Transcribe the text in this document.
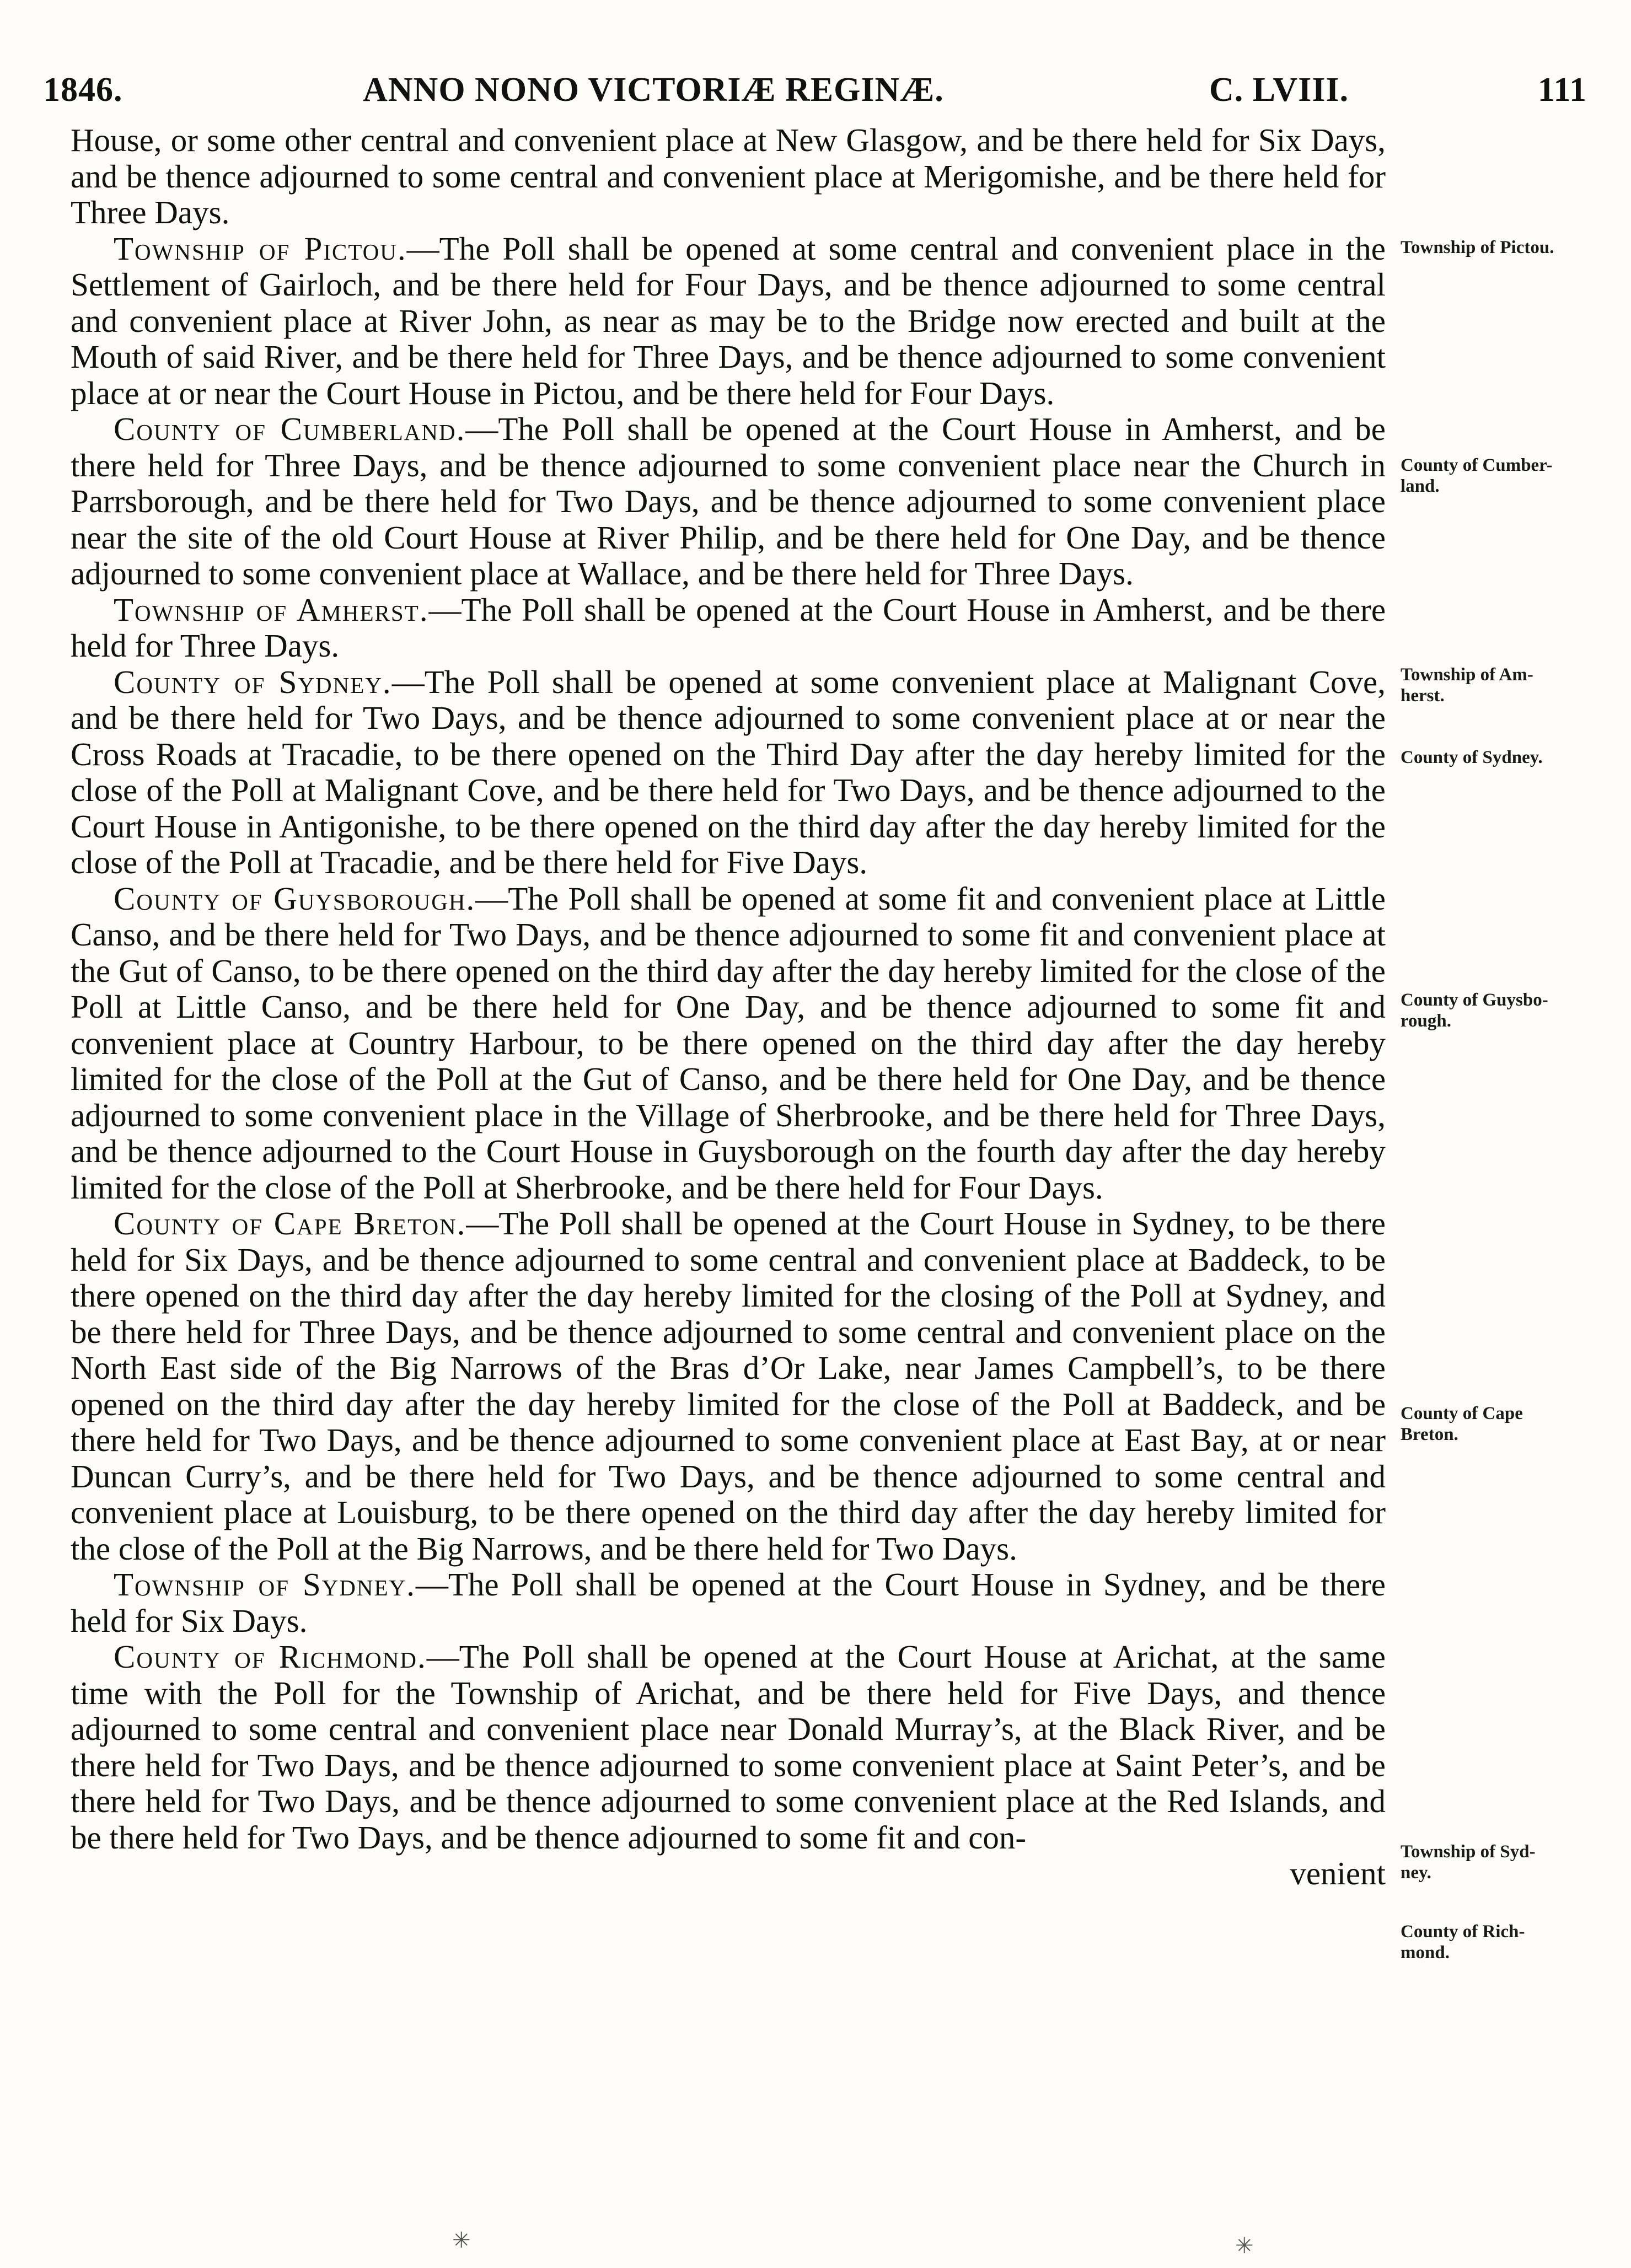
1846.	ANNO NONO VICTORIÆ REGINÆ.	C. LVIII.	111

House, or some other central and convenient place at New Glasgow, and be there held for Six Days, and be thence adjourned to some central and convenient place at Merigomishe, and be there held for Three Days.

Township of Pictou.—The Poll shall be opened at some central and convenient place in the Settlement of Gairloch, and be there held for Four Days, and be thence adjourned to some central and convenient place at River John, as near as may be to the Bridge now erected and built at the Mouth of said River, and be there held for Three Days, and be thence adjourned to some convenient place at or near the Court House in Pictou, and be there held for Four Days.

County of Cumberland.—The Poll shall be opened at the Court House in Amherst, and be there held for Three Days, and be thence adjourned to some convenient place near the Church in Parrsborough, and be there held for Two Days, and be thence adjourned to some convenient place near the site of the old Court House at River Philip, and be there held for One Day, and be thence adjourned to some convenient place at Wallace, and be there held for Three Days.

Township of Amherst.—The Poll shall be opened at the Court House in Amherst, and be there held for Three Days.

County of Sydney.—The Poll shall be opened at some convenient place at Malignant Cove, and be there held for Two Days, and be thence adjourned to some convenient place at or near the Cross Roads at Tracadie, to be there opened on the Third Day after the day hereby limited for the close of the Poll at Malignant Cove, and be there held for Two Days, and be thence adjourned to the Court House in Antigonishe, to be there opened on the third day after the day hereby limited for the close of the Poll at Tracadie, and be there held for Five Days.

County of Guysborough.—The Poll shall be opened at some fit and convenient place at Little Canso, and be there held for Two Days, and be thence adjourned to some fit and convenient place at the Gut of Canso, to be there opened on the third day after the day hereby limited for the close of the Poll at Little Canso, and be there held for One Day, and be thence adjourned to some fit and convenient place at Country Harbour, to be there opened on the third day after the day hereby limited for the close of the Poll at the Gut of Canso, and be there held for One Day, and be thence adjourned to some convenient place in the Village of Sherbrooke, and be there held for Three Days, and be thence adjourned to the Court House in Guysborough on the fourth day after the day hereby limited for the close of the Poll at Sherbrooke, and be there held for Four Days.

County of Cape Breton.—The Poll shall be opened at the Court House in Sydney, to be there held for Six Days, and be thence adjourned to some central and convenient place at Baddeck, to be there opened on the third day after the day hereby limited for the closing of the Poll at Sydney, and be there held for Three Days, and be thence adjourned to some central and convenient place on the North East side of the Big Narrows of the Bras d’Or Lake, near James Campbell’s, to be there opened on the third day after the day hereby limited for the close of the Poll at Baddeck, and be there held for Two Days, and be thence adjourned to some convenient place at East Bay, at or near Duncan Curry’s, and be there held for Two Days, and be thence adjourned to some central and convenient place at Louisburg, to be there opened on the third day after the day hereby limited for the close of the Poll at the Big Narrows, and be there held for Two Days.

Township of Sydney.—The Poll shall be opened at the Court House in Sydney, and be there held for Six Days.

County of Richmond.—The Poll shall be opened at the Court House at Arichat, at the same time with the Poll for the Township of Arichat, and be there held for Five Days, and thence adjourned to some central and convenient place near Donald Murray’s, at the Black River, and be there held for Two Days, and be thence adjourned to some convenient place at Saint Peter’s, and be there held for Two Days, and be thence adjourned to some convenient place at the Red Islands, and be there held for Two Days, and be thence adjourned to some fit and con-

venient
Township of Pictou.
County of Cumber-
land.
Township of Am-
herst.
County of Sydney.
County of Guysbo-
rough.
County of Cape
Breton.
Township of Syd-
ney.
County of Rich-
mond.
✳	✳
